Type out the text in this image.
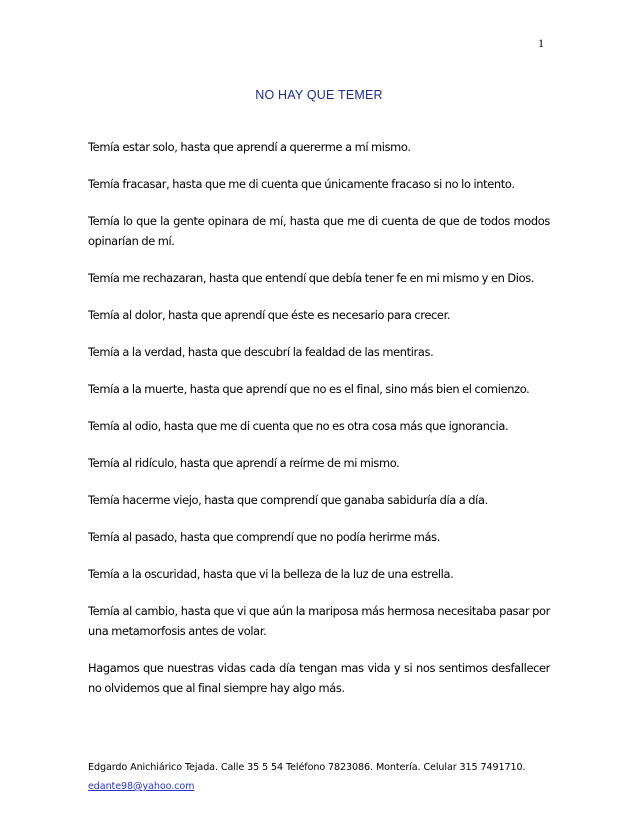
1
NO HAY QUE TEMER

Temía estar solo, hasta que aprendí a quererme a mí mismo.

Temía fracasar, hasta que me di cuenta que únicamente fracaso si no lo intento.

Temía lo que la gente opinara de mí, hasta que me di cuenta de que de todos modos opinarían de mí.

Temía me rechazaran, hasta que entendí que debía tener fe en mi mismo y en Dios.

Temía al dolor, hasta que aprendí que éste es necesario para crecer.

Temía a la verdad, hasta que descubrí la fealdad de las mentiras.

Temía a la muerte, hasta que aprendí que no es el final, sino más bien el comienzo.

Temía al odio, hasta que me di cuenta que no es otra cosa más que ignorancia.

Temía al ridículo, hasta que aprendí a reírme de mi mismo.

Temía hacerme viejo, hasta que comprendí que ganaba sabiduría día a día.

Temía al pasado, hasta que comprendí que no podía herirme más.

Temía a la oscuridad, hasta que vi la belleza de la luz de una estrella.

Temía al cambio, hasta que vi que aún la mariposa más hermosa necesitaba pasar por una metamorfosis antes de volar.

Hagamos que nuestras vidas cada día tengan mas vida y si nos sentimos desfallecer no olvidemos que al final siempre hay algo más.

Edgardo Anichiárico Tejada. Calle 35 5 54 Teléfono 7823086. Montería. Celular 315 7491710.
edante98@yahoo.com
